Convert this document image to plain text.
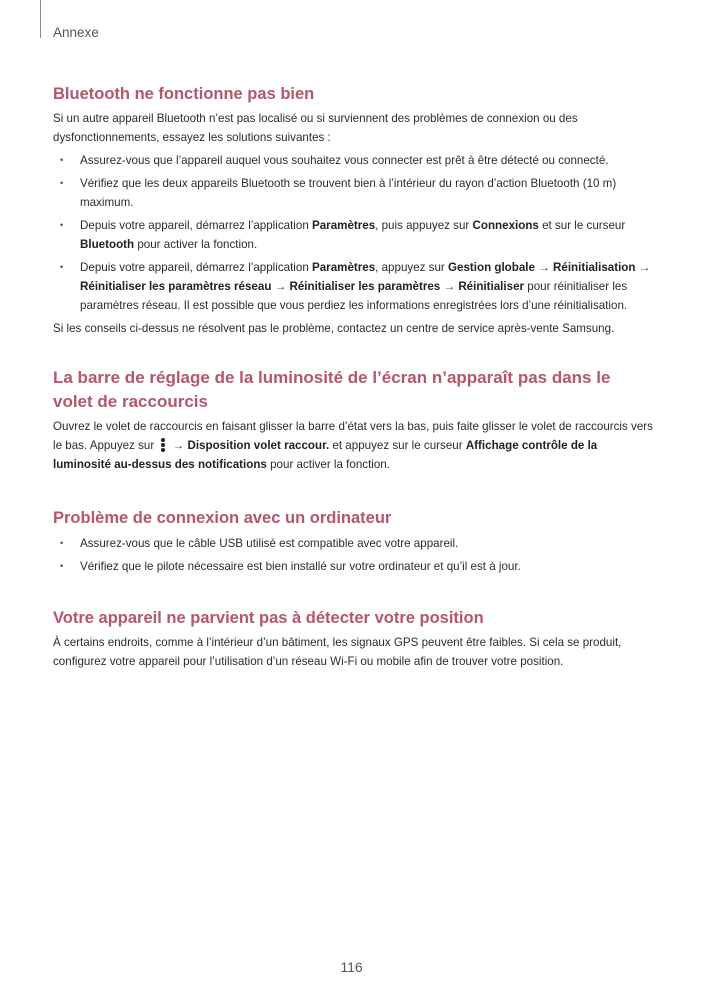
Annexe
Bluetooth ne fonctionne pas bien

Si un autre appareil Bluetooth n’est pas localisé ou si surviennent des problèmes de connexion ou des dysfonctionnements, essayez les solutions suivantes :

• Assurez-vous que l’appareil auquel vous souhaitez vous connecter est prêt à être détecté ou connecté.
• Vérifiez que les deux appareils Bluetooth se trouvent bien à l’intérieur du rayon d’action Bluetooth (10 m) maximum.
• Depuis votre appareil, démarrez l’application Paramètres, puis appuyez sur Connexions et sur le curseur Bluetooth pour activer la fonction.
• Depuis votre appareil, démarrez l’application Paramètres, appuyez sur Gestion globale → Réinitialisation → Réinitialiser les paramètres réseau → Réinitialiser les paramètres → Réinitialiser pour réinitialiser les paramètres réseau. Il est possible que vous perdiez les informations enregistrées lors d’une réinitialisation.

Si les conseils ci-dessus ne résolvent pas le problème, contactez un centre de service après-vente Samsung.

La barre de réglage de la luminosité de l’écran n’apparaît pas dans le volet de raccourcis

Ouvrez le volet de raccourcis en faisant glisser la barre d’état vers la bas, puis faite glisser le volet de raccourcis vers le bas. Appuyez sur
→ Disposition volet raccour. et appuyez sur le curseur Affichage contrôle de la luminosité au-dessus des notifications pour activer la fonction.

Problème de connexion avec un ordinateur
• Assurez-vous que le câble USB utilisé est compatible avec votre appareil.
• Vérifiez que le pilote nécessaire est bien installé sur votre ordinateur et qu’il est à jour.
Votre appareil ne parvient pas à détecter votre position

À certains endroits, comme à l’intérieur d’un bâtiment, les signaux GPS peuvent être faibles. Si cela se produit, configurez votre appareil pour l’utilisation d’un réseau Wi-Fi ou mobile afin de trouver votre position.

116
